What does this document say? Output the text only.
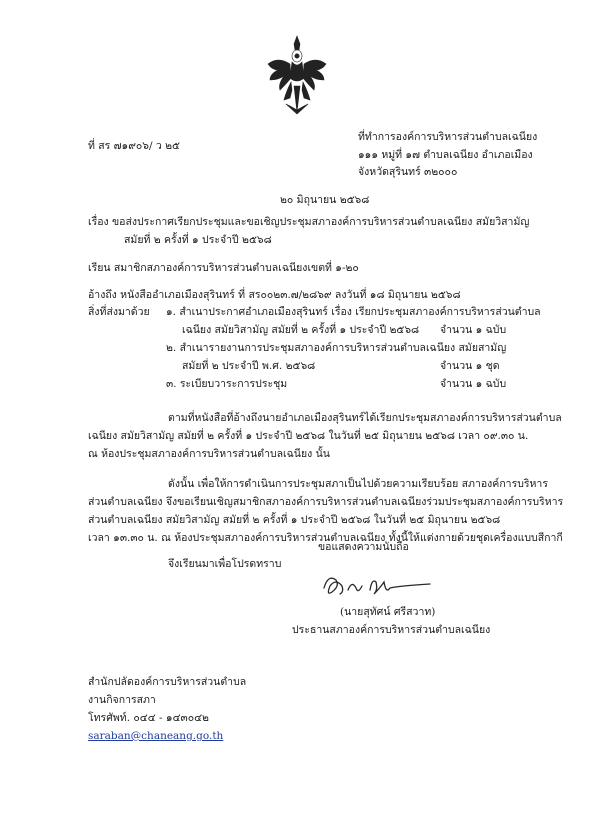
ที่ สร ๗๑๙๐๖/ ว ๒๕
ที่ทำการองค์การบริหารส่วนตำบลเฉนียง
๑๑๑ หมู่ที่ ๑๗ ตำบลเฉนียง อำเภอเมือง
จังหวัดสุรินทร์ ๓๒๐๐๐
๒๐ มิถุนายน ๒๕๖๘
เรื่อง ขอส่งประกาศเรียกประชุมและขอเชิญประชุมสภาองค์การบริหารส่วนตำบลเฉนียง สมัยวิสามัญ
สมัยที่ ๒ ครั้งที่ ๑ ประจำปี ๒๕๖๘
เรียน สมาชิกสภาองค์การบริหารส่วนตำบลเฉนียงเขตที่ ๑-๒๐
อ้างถึง หนังสืออำเภอเมืองสุรินทร์ ที่ สร๐๐๒๓.๗/๒๘๖๙ ลงวันที่ ๑๘ มิถุนายน ๒๕๖๘
สิ่งที่ส่งมาด้วย ๑. สำเนาประกาศอำเภอเมืองสุรินทร์ เรื่อง เรียกประชุมสภาองค์การบริหารส่วนตำบล
เฉนียง สมัยวิสามัญ สมัยที่ ๒ ครั้งที่ ๑ ประจำปี ๒๕๖๘ จำนวน ๑ ฉบับ
๒. สำเนารายงานการประชุมสภาองค์การบริหารส่วนตำบลเฉนียง สมัยสามัญ
สมัยที่ ๒ ประจำปี พ.ศ. ๒๕๖๘	จำนวน ๑ ชุด
๓. ระเบียบวาระการประชุม	จำนวน ๑ ฉบับ
ตามที่หนังสือที่อ้างถึงนายอำเภอเมืองสุรินทร์ได้เรียกประชุมสภาองค์การบริหารส่วนตำบล
เฉนียง สมัยวิสามัญ สมัยที่ ๒ ครั้งที่ ๑ ประจำปี ๒๕๖๘ ในวันที่ ๒๕ มิถุนายน ๒๕๖๘ เวลา ๐๙.๓๐ น.
ณ ห้องประชุมสภาองค์การบริหารส่วนตำบลเฉนียง นั้น
ดังนั้น เพื่อให้การดำเนินการประชุมสภาเป็นไปด้วยความเรียบร้อย สภาองค์การบริหาร
ส่วนตำบลเฉนียง จึงขอเรียนเชิญสมาชิกสภาองค์การบริหารส่วนตำบลเฉนียงร่วมประชุมสภาองค์การบริหาร
ส่วนตำบลเฉนียง สมัยวิสามัญ สมัยที่ ๒ ครั้งที่ ๑ ประจำปี ๒๕๖๘ ในวันที่ ๒๕ มิถุนายน ๒๕๖๘
เวลา ๑๓.๓๐ น. ณ ห้องประชุมสภาองค์การบริหารส่วนตำบลเฉนียง ทั้งนี้ให้แต่งกายด้วยชุดเครื่องแบบสีกากี
จึงเรียนมาเพื่อโปรดทราบ
ขอแสดงความนับถือ
(นายสุทัศน์ ศรีสวาท)
ประธานสภาองค์การบริหารส่วนตำบลเฉนียง
สำนักปลัดองค์การบริหารส่วนตำบล
งานกิจการสภา
โทรศัพท์. ๐๔๔ - ๑๔๓๐๔๒
saraban@chaneang.go.th
